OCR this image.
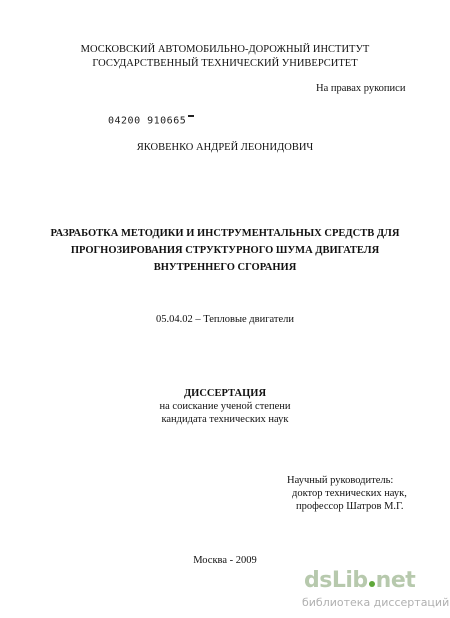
МОСКОВСКИЙ АВТОМОБИЛЬНО-ДОРОЖНЫЙ ИНСТИТУТ
ГОСУДАРСТВЕННЫЙ ТЕХНИЧЕСКИЙ УНИВЕРСИТЕТ
На правах рукописи
04200 910665
ЯКОВЕНКО АНДРЕЙ ЛЕОНИДОВИЧ
РАЗРАБОТКА МЕТОДИКИ И ИНСТРУМЕНТАЛЬНЫХ СРЕДСТВ ДЛЯ
ПРОГНОЗИРОВАНИЯ СТРУКТУРНОГО ШУМА ДВИГАТЕЛЯ
ВНУТРЕННЕГО СГОРАНИЯ
05.04.02 – Тепловые двигатели
ДИССЕРТАЦИЯ
на соискание ученой степени
кандидата технических наук
Научный руководитель:
доктор технических наук,
профессор Шатров М.Г.
Москва - 2009
dsLib net
библиотека диссертаций
